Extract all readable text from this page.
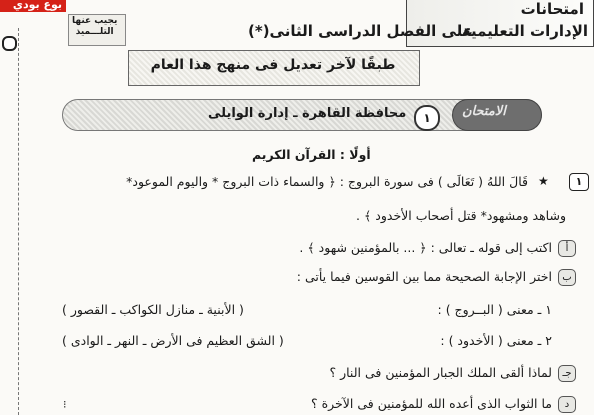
بوع بودي	امتحانات
الإدارات التعليمية
على الفصل الدراسى الثانى(*)
يجيب عنها
التلـــميذ
طبقًا لآخر تعديل فى منهج هذا العام
الامتحان
١
محافظة القاهرة ـ إدارة الوايلى
أولًا : القرآن الكريم
١
★
قَالَ اللهُ ( تَعَالَى ) فى سورة البروج : ﴿ والسماء ذات البروج * واليوم الموعود*
وشاهد ومشهود* قتل أصحاب الأخدود ﴾ .
أ
اكتب إلى قوله ـ تعالى : ﴿ ... بالمؤمنين شهود ﴾ .
ب
اختر الإجابة الصحيحة مما بين القوسين فيما يأتى :
١ ـ معنى ( البــروج ) :
( الأبنية ـ منازل الكواكب ـ القصور )
٢ ـ معنى ( الأخدود ) :
( الشق العظيم فى الأرض ـ النهر ـ الوادى )
جـ
لماذا ألقى الملك الجبار المؤمنين فى النار ؟
د
ما الثواب الذى أعده الله للمؤمنين فى الآخرة ؟
⁝
